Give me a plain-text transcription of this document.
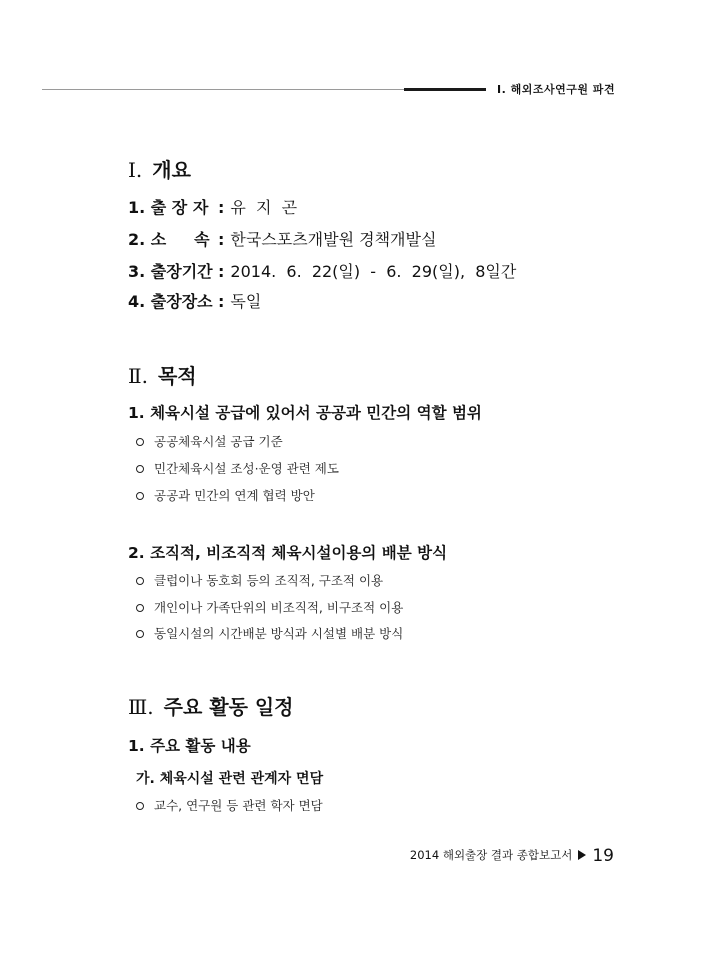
Ⅰ. 해외조사연구원 파견
Ⅰ. 개요
1. 출 장 자 : 유  지  곤
2. 소     속 : 한국스포츠개발원 경책개발실
3. 출장기간 : 2014.  6.  22(일)  -  6.  29(일),  8일간
4. 출장장소 : 독일
Ⅱ. 목적
1. 체육시설 공급에 있어서 공공과 민간의 역할 범위
공공체육시설 공급 기준
민간체육시설 조성·운영 관련 제도
공공과 민간의 연계 협력 방안
2. 조직적, 비조직적 체육시설이용의 배분 방식
클럽이나 동호회 등의 조직적, 구조적 이용
개인이나 가족단위의 비조직적, 비구조적 이용
동일시설의 시간배분 방식과 시설별 배분 방식
Ⅲ. 주요 활동 일정
1. 주요 활동 내용
가. 체육시설 관련 관계자 면담
교수, 연구원 등 관련 학자 면담
2014 해외출장 결과 종합보고서 19
